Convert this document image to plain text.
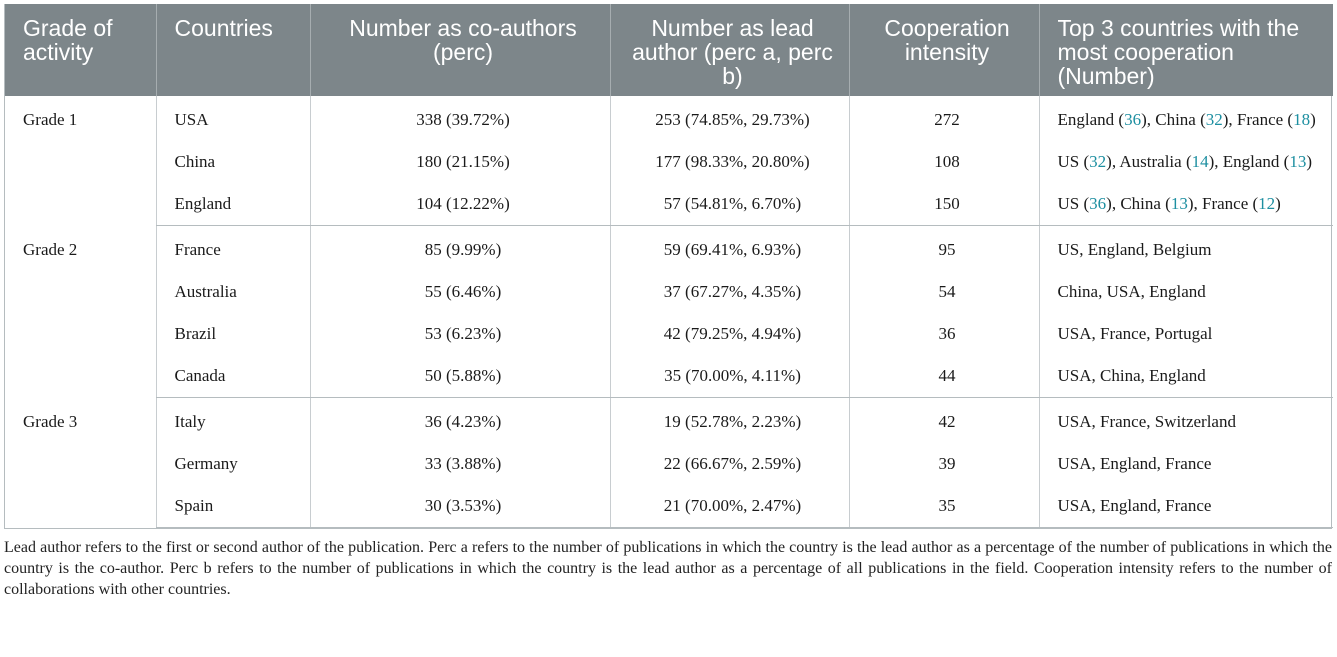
Grade of activity	Countries	Number as co-authors (perc)	Number as lead author (perc a, perc b)	Cooperation intensity	Top 3 countries with the most cooperation (Number)
Grade 1	USA	338 (39.72%)	253 (74.85%, 29.73%)	272	England (36), China (32), France (18)
	China	180 (21.15%)	177 (98.33%, 20.80%)	108	US (32), Australia (14), England (13)
	England	104 (12.22%)	57 (54.81%, 6.70%)	150	US (36), China (13), France (12)
Grade 2	France	85 (9.99%)	59 (69.41%, 6.93%)	95	US, England, Belgium
	Australia	55 (6.46%)	37 (67.27%, 4.35%)	54	China, USA, England
	Brazil	53 (6.23%)	42 (79.25%, 4.94%)	36	USA, France, Portugal
	Canada	50 (5.88%)	35 (70.00%, 4.11%)	44	USA, China, England
Grade 3	Italy	36 (4.23%)	19 (52.78%, 2.23%)	42	USA, France, Switzerland
	Germany	33 (3.88%)	22 (66.67%, 2.59%)	39	USA, England, France
	Spain	30 (3.53%)	21 (70.00%, 2.47%)	35	USA, England, France

Lead author refers to the first or second author of the publication. Perc a refers to the number of publications in which the country is the lead author as a percentage of the number of publications in which the country is the co-author. Perc b refers to the number of publications in which the country is the lead author as a percentage of all publications in the field. Cooperation intensity refers to the number of collaborations with other countries.
